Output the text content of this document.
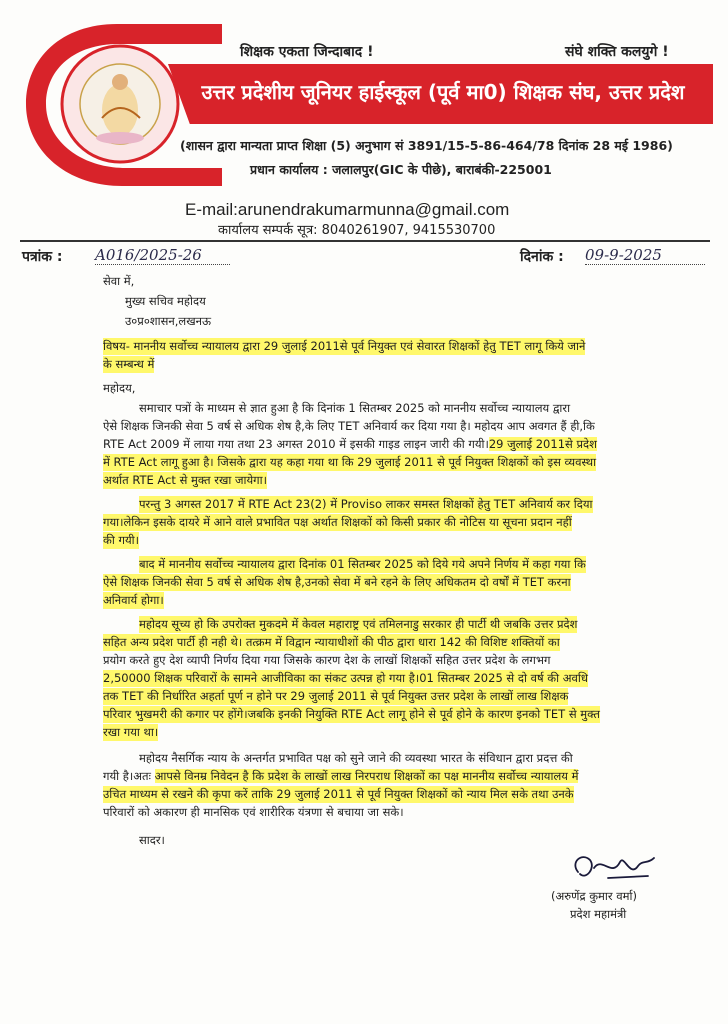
शिक्षक एकता जिन्दाबाद !	संघे शक्ति कलयुगे !
उत्तर प्रदेशीय जूनियर हाईस्कूल (पूर्व मा0) शिक्षक संघ, उत्तर प्रदेश
(शासन द्वारा मान्यता प्राप्त शिक्षा (5) अनुभाग सं 3891/15-5-86-464/78 दिनांक 28 मई 1986)
प्रधान कार्यालय : जलालपुर(GIC के पीछे), बाराबंकी-225001
E-mail:arunendrakumarmunna@gmail.com
कार्यालय सम्पर्क सूत्र: 8040261907, 9415530700
पत्रांक : A016/2025-26	दिनांक : 09-9-2025
सेवा में,
मुख्य सचिव महोदय
उ०प्र०शासन,लखनऊ
विषय- माननीय सर्वोच्च न्यायालय द्वारा 29 जुलाई 2011से पूर्व नियुक्त एवं सेवारत शिक्षकों हेतु TET लागू किये जाने
के सम्बन्ध में
महोदय,
समाचार पत्रों के माध्यम से ज्ञात हुआ है कि दिनांक 1 सितम्बर 2025 को माननीय सर्वोच्च न्यायालय द्वारा
ऐसे शिक्षक जिनकी सेवा 5 वर्ष से अधिक शेष है,के लिए TET अनिवार्य कर दिया गया है। महोदय आप अवगत हैं ही,कि
RTE Act 2009 में लाया गया तथा 23 अगस्त 2010 में इसकी गाइड लाइन जारी की गयी।29 जुलाई 2011से प्रदेश
में RTE Act लागू हुआ है। जिसके द्वारा यह कहा गया था कि 29 जुलाई 2011 से पूर्व नियुक्त शिक्षकों को इस व्यवस्था
अर्थात RTE Act से मुक्त रखा जायेगा।
परन्तु 3 अगस्त 2017 में RTE Act 23(2) में Proviso लाकर समस्त शिक्षकों हेतु TET अनिवार्य कर दिया
गया।लेकिन इसके दायरे में आने वाले प्रभावित पक्ष अर्थात शिक्षकों को किसी प्रकार की नोटिस या सूचना प्रदान नहीं
की गयी।
बाद में माननीय सर्वोच्च न्यायालय द्वारा दिनांक 01 सितम्बर 2025 को दिये गये अपने निर्णय में कहा गया कि
ऐसे शिक्षक जिनकी सेवा 5 वर्ष से अधिक शेष है,उनको सेवा में बने रहने के लिए अधिकतम दो वर्षों में TET करना
अनिवार्य होगा।
महोदय सूच्य हो कि उपरोक्त मुकदमे में केवल महाराष्ट्र एवं तमिलनाडु सरकार ही पार्टी थी जबकि उत्तर प्रदेश
सहित अन्य प्रदेश पार्टी ही नही थे। तत्क्रम में विद्वान न्यायाधीशों की पीठ द्वारा धारा 142 की विशिष्ट शक्तियों का
प्रयोग करते हुए देश व्यापी निर्णय दिया गया जिसके कारण देश के लाखों शिक्षकों सहित उत्तर प्रदेश के लगभग
2,50000 शिक्षक परिवारों के सामने आजीविका का संकट उत्पन्न हो गया है।01 सितम्बर 2025 से दो वर्ष की अवधि
तक TET की निर्धारित अहर्ता पूर्ण न होने पर 29 जुलाई 2011 से पूर्व नियुक्त उत्तर प्रदेश के लाखों लाख शिक्षक
परिवार भुखमरी की कगार पर होंगे।जबकि इनकी नियुक्ति RTE Act लागू होने से पूर्व होने के कारण इनको TET से मुक्त
रखा गया था।
महोदय नैसर्गिक न्याय के अन्तर्गत प्रभावित पक्ष को सुने जाने की व्यवस्था भारत के संविधान द्वारा प्रदत्त की
गयी है।अतः आपसे विनम्र निवेदन है कि प्रदेश के लाखों लाख निरपराध शिक्षकों का पक्ष माननीय सर्वोच्च न्यायालय में
उचित माध्यम से रखने की कृपा करें ताकि 29 जुलाई 2011 से पूर्व नियुक्त शिक्षकों को न्याय मिल सके तथा उनके
परिवारों को अकारण ही मानसिक एवं शारीरिक यंत्रणा से बचाया जा सके।
सादर।
(अरुणेंद्र कुमार वर्मा)
प्रदेश महामंत्री
